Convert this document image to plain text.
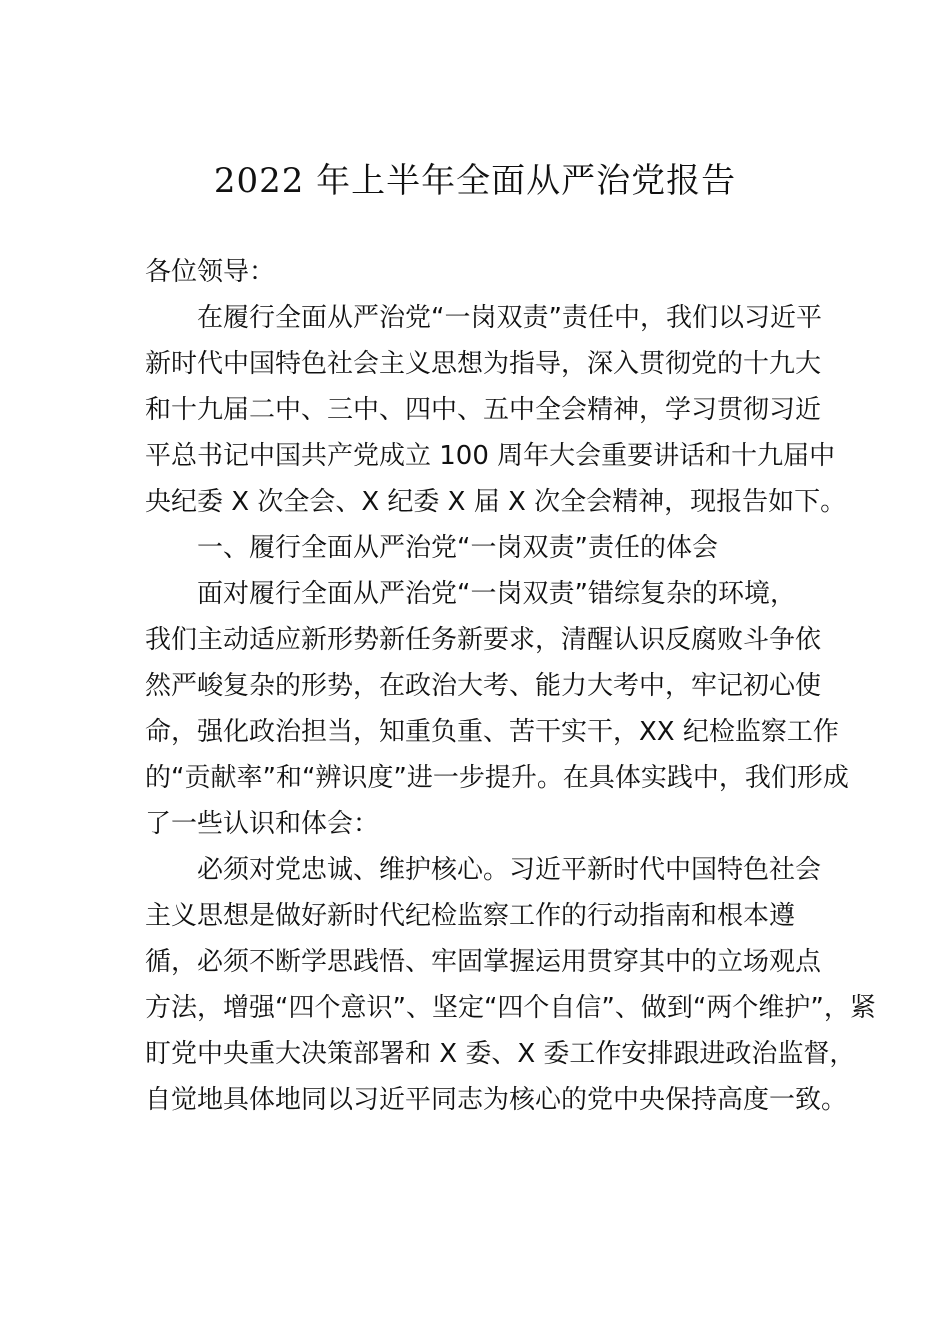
2022 年上半年全面从严治党报告
各位领导：
在履行全面从严治党“一岗双责”责任中，我们以习近平
新时代中国特色社会主义思想为指导，深入贯彻党的十九大
和十九届二中、三中、四中、五中全会精神，学习贯彻习近
平总书记中国共产党成立 100 周年大会重要讲话和十九届中
央纪委 X 次全会、X 纪委 X 届 X 次全会精神，现报告如下。
一、履行全面从严治党“一岗双责”责任的体会
面对履行全面从严治党“一岗双责”错综复杂的环境，
我们主动适应新形势新任务新要求，清醒认识反腐败斗争依
然严峻复杂的形势，在政治大考、能力大考中，牢记初心使
命，强化政治担当，知重负重、苦干实干，XX 纪检监察工作
的“贡献率”和“辨识度”进一步提升。在具体实践中，我们形成
了一些认识和体会：
必须对党忠诚、维护核心。习近平新时代中国特色社会
主义思想是做好新时代纪检监察工作的行动指南和根本遵
循，必须不断学思践悟、牢固掌握运用贯穿其中的立场观点
方法，增强“四个意识”、坚定“四个自信”、做到“两个维护”，紧
盯党中央重大决策部署和 X 委、X 委工作安排跟进政治监督，
自觉地具体地同以习近平同志为核心的党中央保持高度一致。
